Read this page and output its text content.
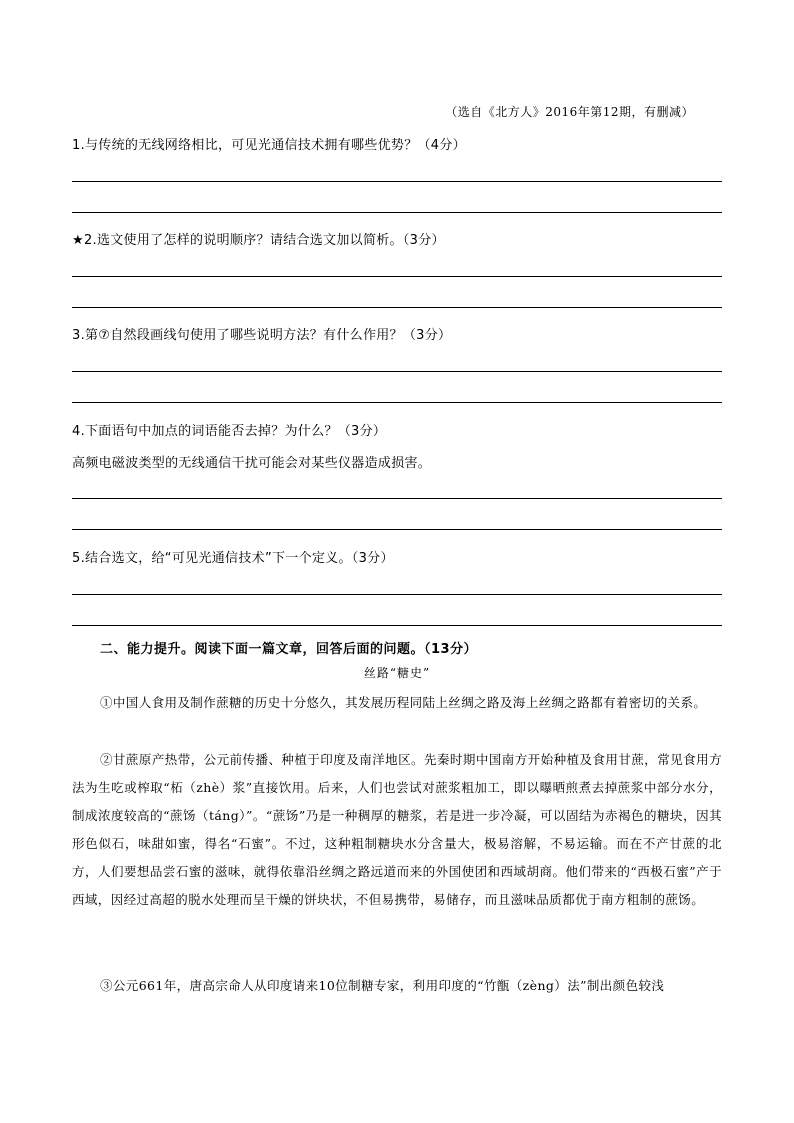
（选自《北方人》2016年第12期，有删减）
1.与传统的无线网络相比，可见光通信技术拥有哪些优势？（4分）
★2.选文使用了怎样的说明顺序？请结合选文加以简析。（3分）
3.第⑦自然段画线句使用了哪些说明方法？有什么作用？（3分）
4.下面语句中加点的词语能否去掉？为什么？（3分）
高频电磁波类型的无线通信干扰可能会对某些仪器造成损害。
5.结合选文，给“可见光通信技术”下一个定义。（3分）
二、能力提升。阅读下面一篇文章，回答后面的问题。（13分）
丝路“糖史”
①中国人食用及制作蔗糖的历史十分悠久，其发展历程同陆上丝绸之路及海上丝绸之路都有着密切的关系。
②甘蔗原产热带，公元前传播、种植于印度及南洋地区。先秦时期中国南方开始种植及食用甘蔗，常见食用方法为生吃或榨取“柘（zhè）浆”直接饮用。后来，人们也尝试对蔗浆粗加工，即以曝晒煎煮去掉蔗浆中部分水分，制成浓度较高的“蔗饧（táng）”。“蔗饧”乃是一种稠厚的糖浆，若是进一步冷凝，可以固结为赤褐色的糖块，因其形色似石，味甜如蜜，得名“石蜜”。不过，这种粗制糖块水分含量大，极易溶解，不易运输。而在不产甘蔗的北方，人们要想品尝石蜜的滋味，就得依靠沿丝绸之路远道而来的外国使团和西域胡商。他们带来的“西极石蜜”产于西域，因经过高超的脱水处理而呈干燥的饼块状，不但易携带，易储存，而且滋味品质都优于南方粗制的蔗饧。
③公元661年，唐高宗命人从印度请来10位制糖专家，利用印度的“竹甑（zèng）法”制出颜色较浅
